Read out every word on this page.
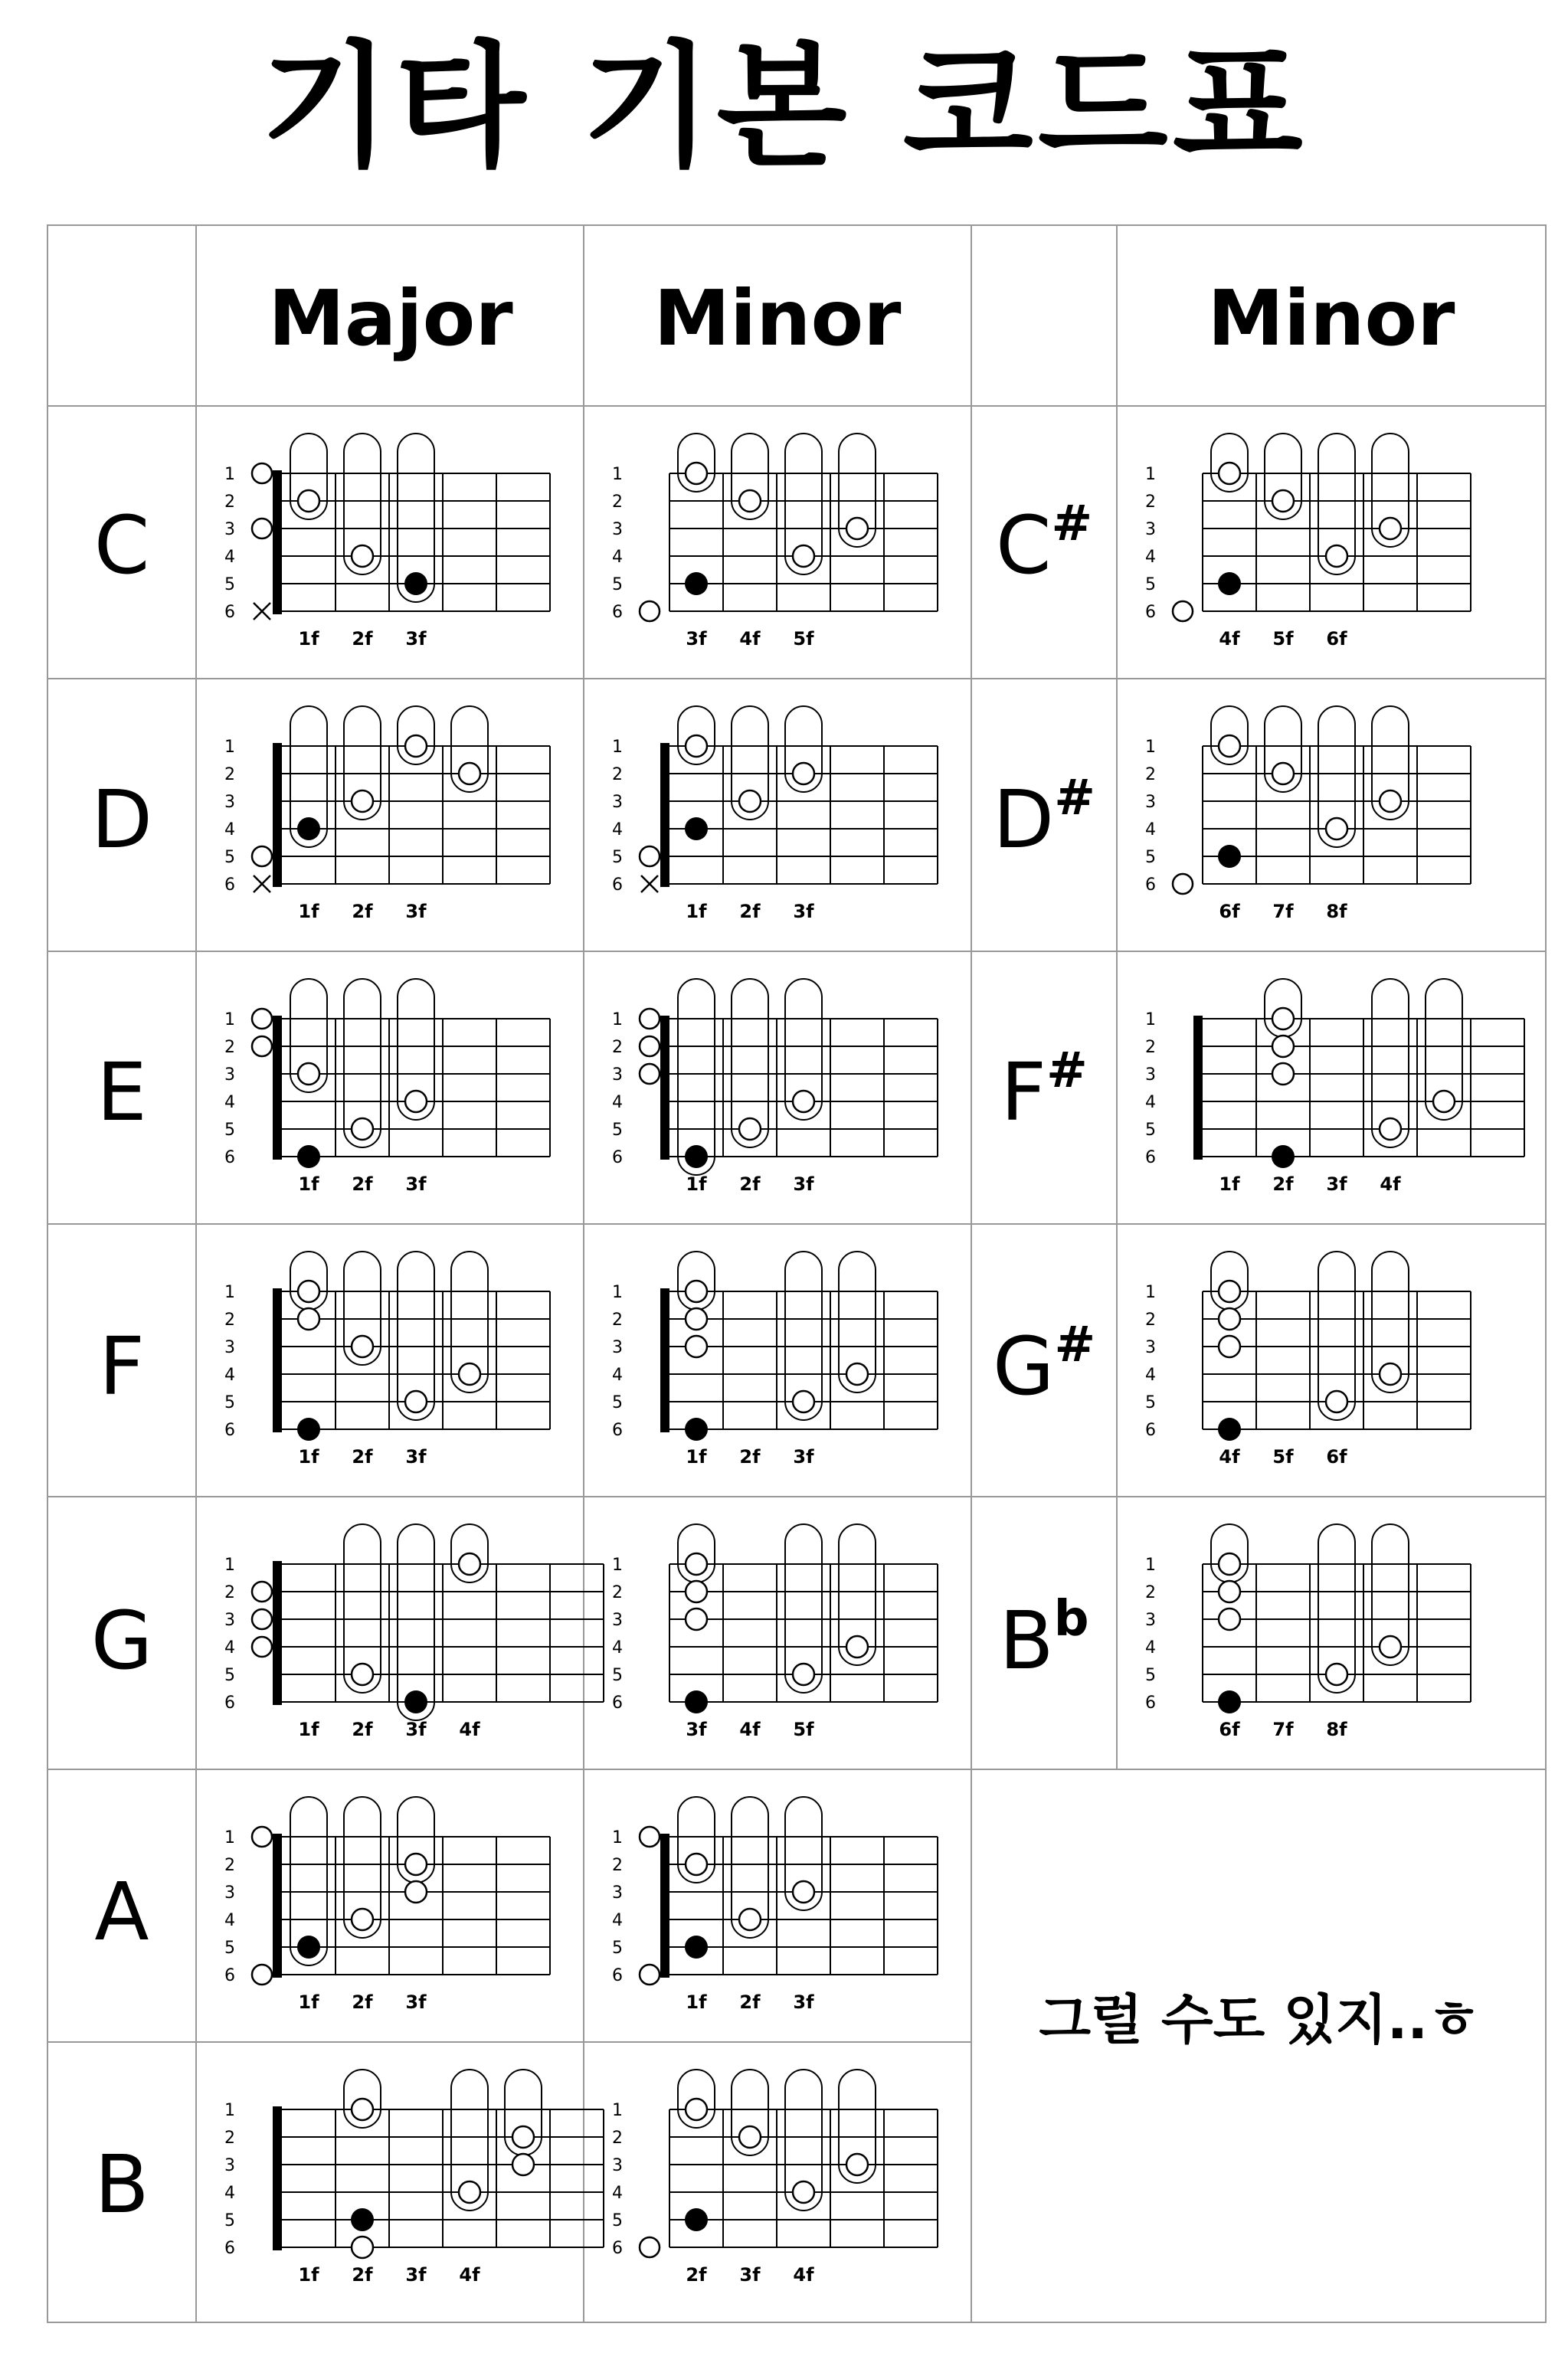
기타 기본 코드표
1
2
3
4
5
6
1f 2f 3f
1
2
3
4
5
6
3f 4f 5f
1
2
3
4
5
6
4f 5f 6f
1
2
3
4
5
6
1f 2f 3f
1
2
3
4
5
6
1f 2f 3f
1
2
3
4
5
6
6f 7f 8f
1
2
3
4
5
6
1f 2f 3f
1
2
3
4
5
6
1f 2f 3f
1
2
3
4
5
6
1f 2f 3f 4f
1
2
3
4
5
6
1f 2f 3f
1
2
3
4
5
6
1f 2f 3f
1
2
3
4
5
6
4f 5f 6f
1
2
3
4
5
6
1f 2f 3f 4f
1
2
3
4
5
6
3f 4f 5f
1
2
3
4
5
6
6f 7f 8f
1
2
3
4
5
6
1f 2f 3f
1
2
3
4
5
6
1f 2f 3f
1
2
3
4
5
6
1f 2f 3f 4f
1
2
3
4
5
6
2f 3f 4f
Major	Minor	Minor
C
D
E
F
G
A
B
C#
D#
F#
G#
$B^b$
그럴 수도 있지..ㅎ
